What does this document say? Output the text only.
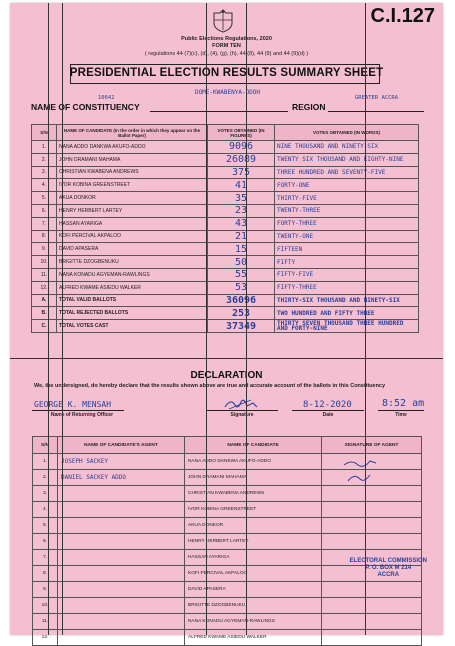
C.I.127
Public Elections Regulations, 2020
FORM TEN
( regulations 44 (7)(c), (d), (4), (g), (h), 44 (8), 44 (9) and 44 (9)(d) )
PRESIDENTIAL ELECTION RESULTS SUMMARY SHEET
DOME-KWABENYA-ODOH
10642	GREATER ACCRA
NAME OF CONSTITUENCY	REGION
S/N	NAME OF CANDIDATE (In the order in which they appear on the Ballot Paper)	VOTES OBTAINED (IN FIGURES)	VOTES OBTAINED (IN WORDS)
1.	NANA ADDO DANKWA AKUFO-ADDO	9096	NINE THOUSAND AND NINETY-SIX
2.	JOHN DRAMANI MAHAMA	26089	TWENTY SIX THOUSAND AND EIGHTY-NINE
3.	CHRISTIAN KWABENA ANDREWS	375	THREE HUNDRED AND SEVENTY-FIVE
4.	IVOR KOBINA GREENSTREET	41	FORTY-ONE
5.	AKUA DONKOR	35	THIRTY-FIVE
6.	HENRY HERBERT LARTEY	23	TWENTY-THREE
7.	HASSAN AYARIGA	43	FORTY-THREE
8.	KOFI PERCIVAL AKPALOO	21	TWENTY-ONE
9.	DAVID APASERA	15	FIFTEEN
10.	BRIGITTE DZOGBENUKU	50	FIFTY
11.	NANA KONADU AGYEMAN-RAWLINGS	55	FIFTY-FIVE
12.	ALFRED KWAME ASIEDU WALKER	53	FIFTY-THREE
A.	TOTAL VALID BALLOTS	36096	THIRTY-SIX THOUSAND AND NINETY-SIX
B.	TOTAL REJECTED BALLOTS	253	TWO HUNDRED AND FIFTY THREE
C.	TOTAL VOTES CAST	37349	THIRTY SEVEN THOUSAND THREE HUNDRED AND FORTY-NINE
DECLARATION
We, the undersigned, do hereby declare that the results shown above are true and accurate account of the ballots in this Constituency
GEORGE K. MENSAH
Name of Returning Officer	Signature
8-12-2020
Date
8:52 am
Time
S/N	NAME OF CANDIDATE'S AGENT	NAME OF CANDIDATE	SIGNATURE OF AGENT
1.	JOSEPH SACKEY	NANA ADDO DANKWA AKUFO-ADDO	
2.	DANIEL SACKEY ADDO	JOHN DRAMANI MAHAMA	
3.		CHRISTIAN KWABENA ANDREWS	
4.		IVOR KOBINA GREENSTREET	
5.		AKUA DONKOR	
6.		HENRY HERBERT LARTEY	
7.		HASSAN AYARIGA	
8.		KOFI PERCIVAL AKPALOO	
9.		DAVID APASERA	
10.		BRIGITTE DZOGBENUKU	
11.		NANA KONADU AGYEMAN-RAWLINGS	
12.		ALFRED KWAME ASIEDU WALKER	
ELECTORAL COMMISSION
P. O. BOX M 214
ACCRA
